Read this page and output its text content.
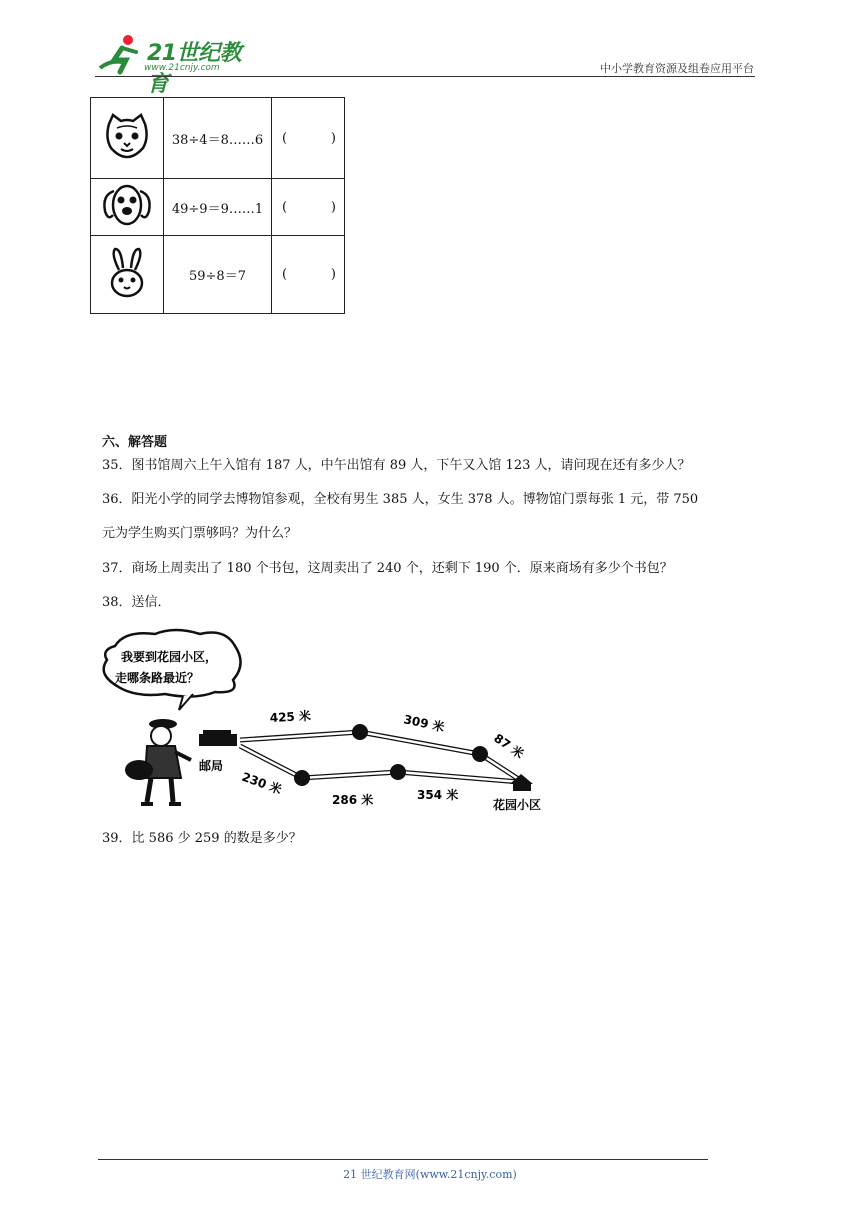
21世纪教育
www.21cnjy.com	中小学教育资源及组卷应用平台
	38÷4＝8……6	( )

	49÷9＝9……1	( )

	59÷8＝7	( )
六、解答题
35．图书馆周六上午入馆有 187 人，中午出馆有 89 人，下午又入馆 123 人，请问现在还有多少人？
36．阳光小学的同学去博物馆参观，全校有男生 385 人，女生 378 人。博物馆门票每张 1 元，带 750
元为学生购买门票够吗？为什么？
37．商场上周卖出了 180 个书包，这周卖出了 240 个，还剩下 190 个．原来商场有多少个书包？
38．送信．
我要到花园小区，
走哪条路最近？
邮局
花园小区
425 米	309 米
87 米
230 米
286 米	354 米
39．比 586 少 259 的数是多少？
21 世纪教育网(www.21cnjy.com)
